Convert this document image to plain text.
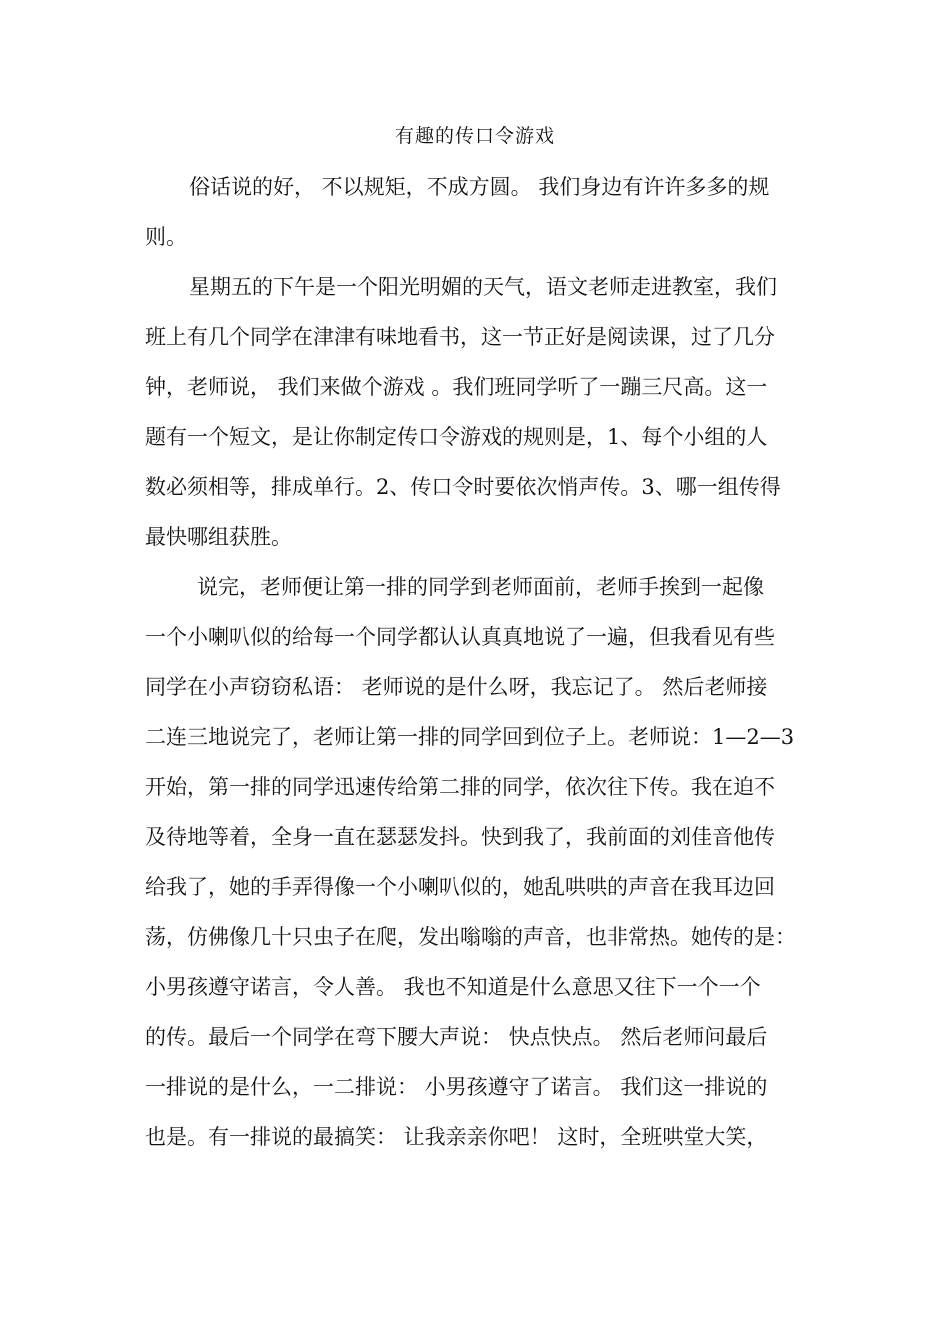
有趣的传口令游戏
俗话说的好， 不以规矩，不成方圆。 我们身边有许许多多的规
则。
星期五的下午是一个阳光明媚的天气，语文老师走进教室，我们
班上有几个同学在津津有味地看书，这一节正好是阅读课，过了几分
钟，老师说， 我们来做个游戏 。我们班同学听了一蹦三尺高。这一
题有一个短文，是让你制定传口令游戏的规则是，1、每个小组的人
数必须相等，排成单行。2、传口令时要依次悄声传。3、哪一组传得
最快哪组获胜。
说完，老师便让第一排的同学到老师面前，老师手挨到一起像
一个小喇叭似的给每一个同学都认认真真地说了一遍，但我看见有些
同学在小声窃窃私语： 老师说的是什么呀，我忘记了。 然后老师接
二连三地说完了，老师让第一排的同学回到位子上。老师说：1—2—3
开始，第一排的同学迅速传给第二排的同学，依次往下传。我在迫不
及待地等着，全身一直在瑟瑟发抖。快到我了，我前面的刘佳音他传
给我了，她的手弄得像一个小喇叭似的，她乱哄哄的声音在我耳边回
荡，仿佛像几十只虫子在爬，发出嗡嗡的声音，也非常热。她传的是：
小男孩遵守诺言，令人善。 我也不知道是什么意思又往下一个一个
的传。最后一个同学在弯下腰大声说： 快点快点。 然后老师问最后
一排说的是什么，一二排说： 小男孩遵守了诺言。 我们这一排说的
也是。有一排说的最搞笑： 让我亲亲你吧！ 这时，全班哄堂大笑，
